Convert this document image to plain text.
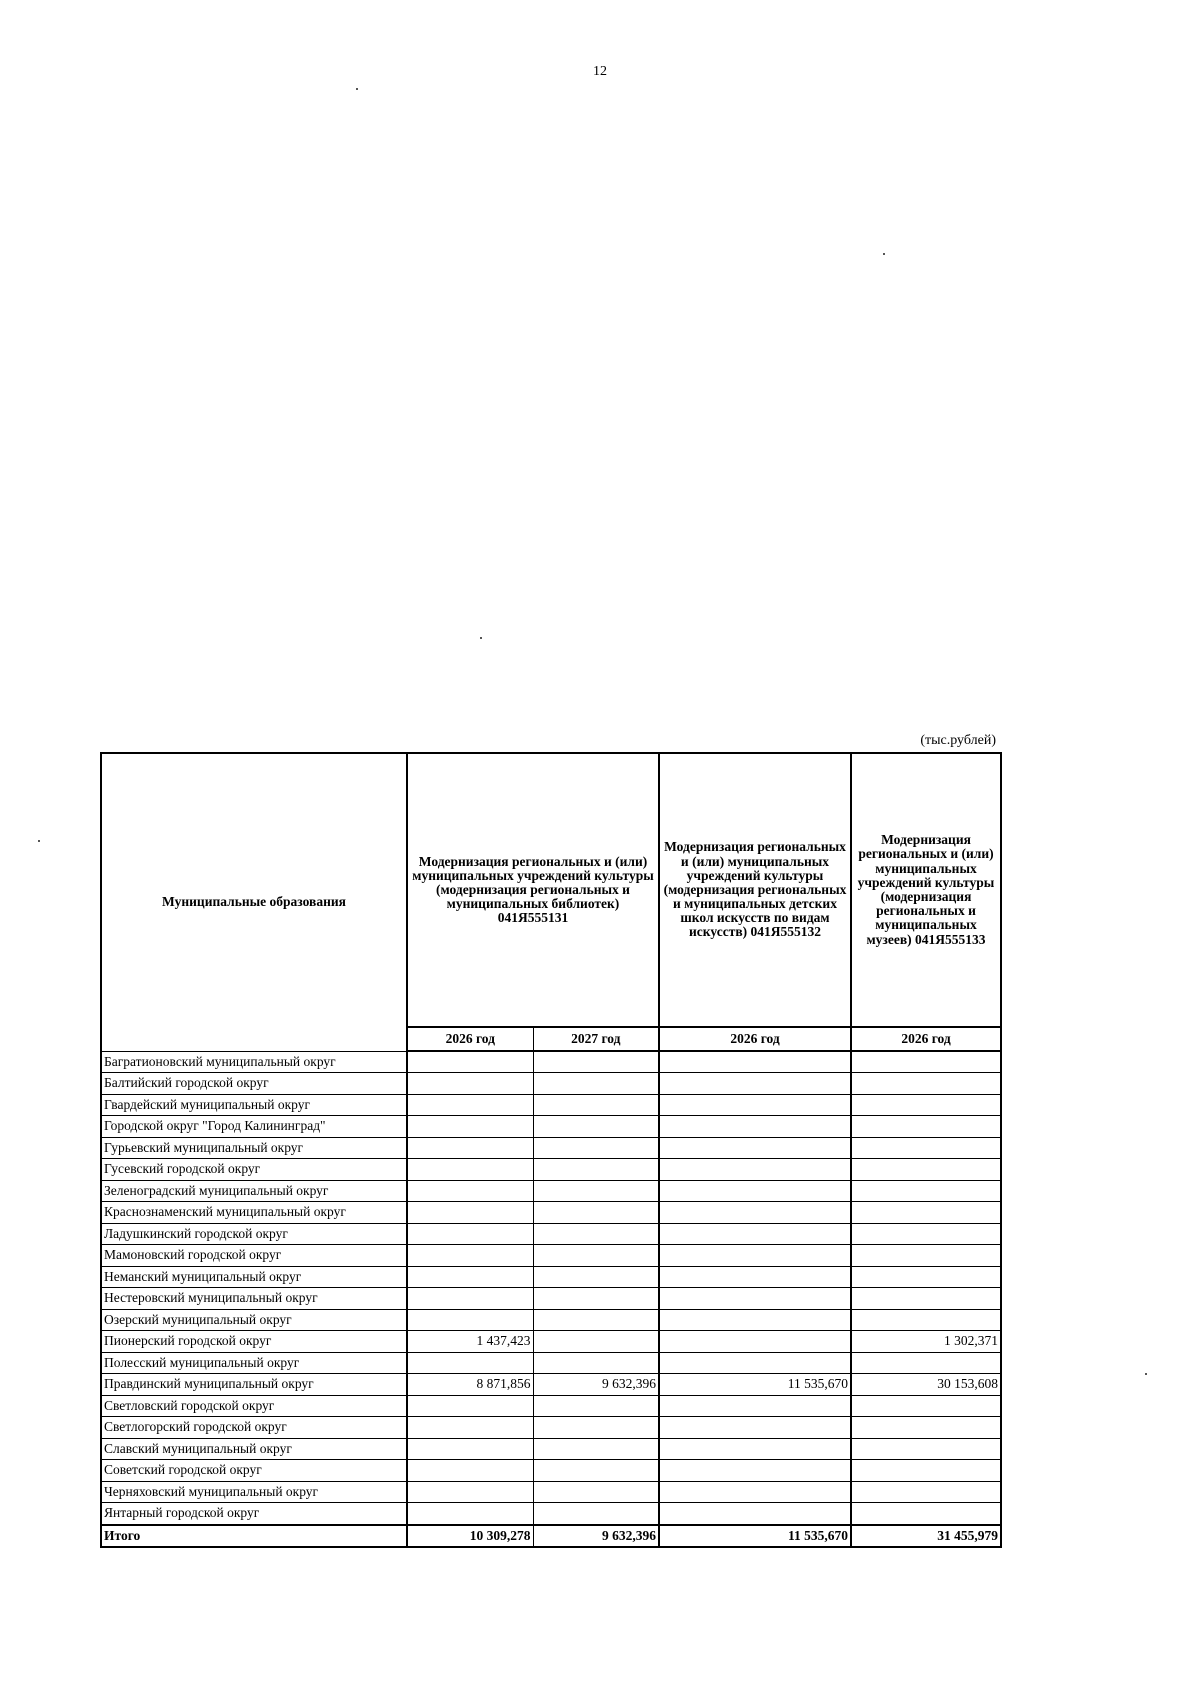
12
(тыс.рублей)
Муниципальные образования	Модернизация региональных и (или) муниципальных учреждений культуры (модернизация региональных и муниципальных библиотек) 041Я555131		Модернизация региональных и (или) муниципальных учреждений культуры (модернизация региональных и муниципальных детских школ искусств по видам искусств) 041Я555132	Модернизация региональных и (или) муниципальных учреждений культуры (модернизация региональных и муниципальных музеев) 041Я555133
	2026 год	2027 год	2026 год	2026 год
Багратионовский муниципальный округ				
Балтийский городской округ				
Гвардейский муниципальный округ				
Городской округ "Город Калининград"				
Гурьевский муниципальный округ				
Гусевский городской округ				
Зеленоградский муниципальный округ				
Краснознаменский муниципальный округ				
Ладушкинский городской округ				
Мамоновский городской округ				
Неманский муниципальный округ				
Нестеровский муниципальный округ				
Озерский муниципальный округ				
Пионерский городской округ	1 437,423			1 302,371
Полесский муниципальный округ				
Правдинский муниципальный округ	8 871,856	9 632,396	11 535,670	30 153,608
Светловский городской округ				
Светлогорский городской округ				
Славский муниципальный округ				
Советский городской округ				
Черняховский муниципальный округ				
Янтарный городской округ				
Итого	10 309,278	9 632,396	11 535,670	31 455,979
